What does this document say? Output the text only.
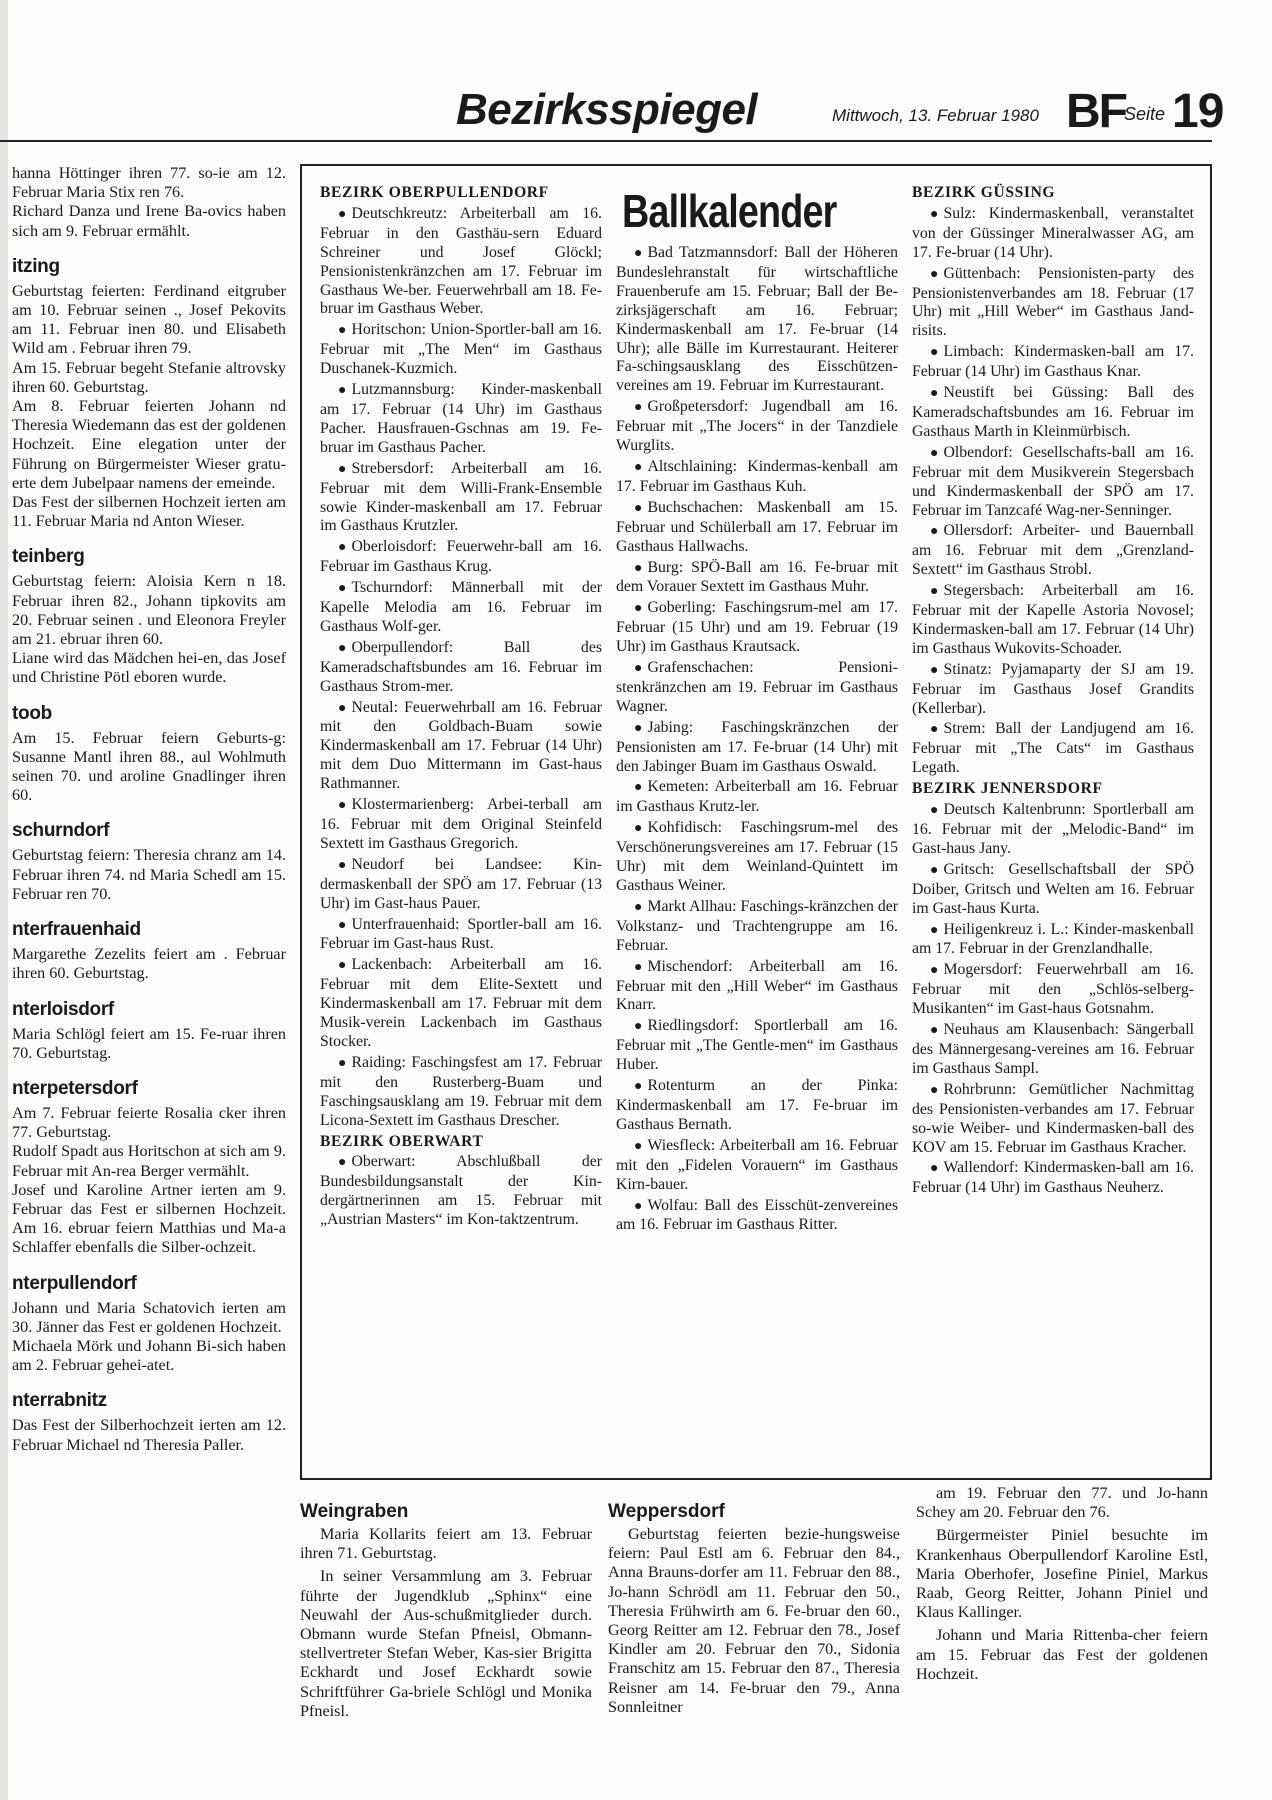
Bezirksspiegel	Mittwoch, 13. Februar 1980 BF
Seite 19

hanna Höttinger ihren 77. so-ie am 12. Februar Maria Stix ren 76.

Richard Danza und Irene Ba-ovics haben sich am 9. Februar ermählt.

itzing

Geburtstag feierten: Ferdinand eitgruber am 10. Februar seinen ., Josef Pekovits am 11. Februar inen 80. und Elisabeth Wild am . Februar ihren 79.

Am 15. Februar begeht Stefanie altrovsky ihren 60. Geburtstag.

Am 8. Februar feierten Johann nd Theresia Wiedemann das est der goldenen Hochzeit. Eine elegation unter der Führung on Bürgermeister Wieser gratu-erte dem Jubelpaar namens der emeinde.

Das Fest der silbernen Hochzeit ierten am 11. Februar Maria nd Anton Wieser.

teinberg

Geburtstag feiern: Aloisia Kern n 18. Februar ihren 82., Johann tipkovits am 20. Februar seinen . und Eleonora Freyler am 21. ebruar ihren 60.

Liane wird das Mädchen hei-en, das Josef und Christine Pötl eboren wurde.

toob

Am 15. Februar feiern Geburts-g: Susanne Mantl ihren 88., aul Wohlmuth seinen 70. und aroline Gnadlinger ihren 60.

schurndorf

Geburtstag feiern: Theresia chranz am 14. Februar ihren 74. nd Maria Schedl am 15. Februar ren 70.

nterfrauenhaid

Margarethe Zezelits feiert am . Februar ihren 60. Geburtstag.

nterloisdorf

Maria Schlögl feiert am 15. Fe-ruar ihren 70. Geburtstag.

nterpetersdorf

Am 7. Februar feierte Rosalia cker ihren 77. Geburtstag.

Rudolf Spadt aus Horitschon at sich am 9. Februar mit An-rea Berger vermählt.

Josef und Karoline Artner ierten am 9. Februar das Fest er silbernen Hochzeit. Am 16. ebruar feiern Matthias und Ma-a Schlaffer ebenfalls die Silber-ochzeit.

nterpullendorf

Johann und Maria Schatovich ierten am 30. Jänner das Fest er goldenen Hochzeit.

Michaela Mörk und Johann Bi-sich haben am 2. Februar gehei-atet.

nterrabnitz

Das Fest der Silberhochzeit ierten am 12. Februar Michael nd Theresia Paller.

BEZIRK OBERPULLENDORF

● Deutschkreutz: Arbeiterball am 16. Februar in den Gasthäu-sern Eduard Schreiner und Josef Glöckl; Pensionistenkränzchen am 17. Februar im Gasthaus We-ber. Feuerwehrball am 18. Fe-bruar im Gasthaus Weber.

● Horitschon: Union-Sportler-ball am 16. Februar mit „The Men“ im Gasthaus Duschanek-Kuzmich.

● Lutzmannsburg: Kinder-maskenball am 17. Februar (14 Uhr) im Gasthaus Pacher. Hausfrauen-Gschnas am 19. Fe-bruar im Gasthaus Pacher.

● Strebersdorf: Arbeiterball am 16. Februar mit dem Willi-Frank-Ensemble sowie Kinder-maskenball am 17. Februar im Gasthaus Krutzler.

● Oberloisdorf: Feuerwehr-ball am 16. Februar im Gasthaus Krug.

● Tschurndorf: Männerball mit der Kapelle Melodia am 16. Februar im Gasthaus Wolf-ger.

● Oberpullendorf: Ball des Kameradschaftsbundes am 16. Februar im Gasthaus Strom-mer.

● Neutal: Feuerwehrball am 16. Februar mit den Goldbach-Buam sowie Kindermaskenball am 17. Februar (14 Uhr) mit dem Duo Mittermann im Gast-haus Rathmanner.

● Klostermarienberg: Arbei-terball am 16. Februar mit dem Original Steinfeld Sextett im Gasthaus Gregorich.

● Neudorf bei Landsee: Kin-dermaskenball der SPÖ am 17. Februar (13 Uhr) im Gast-haus Pauer.

● Unterfrauenhaid: Sportler-ball am 16. Februar im Gast-haus Rust.

● Lackenbach: Arbeiterball am 16. Februar mit dem Elite-Sextett und Kindermaskenball am 17. Februar mit dem Musik-verein Lackenbach im Gasthaus Stocker.

● Raiding: Faschingsfest am 17. Februar mit den Rusterberg-Buam und Faschingsausklang am 19. Februar mit dem Licona-Sextett im Gasthaus Drescher.

BEZIRK OBERWART

● Oberwart: Abschlußball der Bundesbildungsanstalt der Kin-dergärtnerinnen am 15. Februar mit „Austrian Masters“ im Kon-taktzentrum.

Ballkalender

● Bad Tatzmannsdorf: Ball der Höheren Bundeslehranstalt für wirtschaftliche Frauenberufe am 15. Februar; Ball der Be-zirksjägerschaft am 16. Februar; Kindermaskenball am 17. Fe-bruar (14 Uhr); alle Bälle im Kurrestaurant. Heiterer Fa-schingsausklang des Eisschützen-vereines am 19. Februar im Kurrestaurant.

● Großpetersdorf: Jugendball am 16. Februar mit „The Jocers“ in der Tanzdiele Wurglits.

● Altschlaining: Kindermas-kenball am 17. Februar im Gasthaus Kuh.

● Buchschachen: Maskenball am 15. Februar und Schülerball am 17. Februar im Gasthaus Hallwachs.

● Burg: SPÖ-Ball am 16. Fe-bruar mit dem Vorauer Sextett im Gasthaus Muhr.

● Goberling: Faschingsrum-mel am 17. Februar (15 Uhr) und am 19. Februar (19 Uhr) im Gasthaus Krautsack.

● Grafenschachen: Pensioni-stenkränzchen am 19. Februar im Gasthaus Wagner.

● Jabing: Faschingskränzchen der Pensionisten am 17. Fe-bruar (14 Uhr) mit den Jabinger Buam im Gasthaus Oswald.

● Kemeten: Arbeiterball am 16. Februar im Gasthaus Krutz-ler.

● Kohfidisch: Faschingsrum-mel des Verschönerungsvereines am 17. Februar (15 Uhr) mit dem Weinland-Quintett im Gasthaus Weiner.

● Markt Allhau: Faschings-kränzchen der Volkstanz- und Trachtengruppe am 16. Februar.

● Mischendorf: Arbeiterball am 16. Februar mit den „Hill Weber“ im Gasthaus Knarr.

● Riedlingsdorf: Sportlerball am 16. Februar mit „The Gentle-men“ im Gasthaus Huber.

● Rotenturm an der Pinka: Kindermaskenball am 17. Fe-bruar im Gasthaus Bernath.

● Wiesfleck: Arbeiterball am 16. Februar mit den „Fidelen Vorauern“ im Gasthaus Kirn-bauer.

● Wolfau: Ball des Eisschüt-zenvereines am 16. Februar im Gasthaus Ritter.

BEZIRK GÜSSING

● Sulz: Kindermaskenball, veranstaltet von der Güssinger Mineralwasser AG, am 17. Fe-bruar (14 Uhr).

● Güttenbach: Pensionisten-party des Pensionistenverbandes am 18. Februar (17 Uhr) mit „Hill Weber“ im Gasthaus Jand-risits.

● Limbach: Kindermasken-ball am 17. Februar (14 Uhr) im Gasthaus Knar.

● Neustift bei Güssing: Ball des Kameradschaftsbundes am 16. Februar im Gasthaus Marth in Kleinmürbisch.

● Olbendorf: Gesellschafts-ball am 16. Februar mit dem Musikverein Stegersbach und Kindermaskenball der SPÖ am 17. Februar im Tanzcafé Wag-ner-Senninger.

● Ollersdorf: Arbeiter- und Bauernball am 16. Februar mit dem „Grenzland-Sextett“ im Gasthaus Strobl.

● Stegersbach: Arbeiterball am 16. Februar mit der Kapelle Astoria Novosel; Kindermasken-ball am 17. Februar (14 Uhr) im Gasthaus Wukovits-Schoader.

● Stinatz: Pyjamaparty der SJ am 19. Februar im Gasthaus Josef Grandits (Kellerbar).

● Strem: Ball der Landjugend am 16. Februar mit „The Cats“ im Gasthaus Legath.

BEZIRK JENNERSDORF

● Deutsch Kaltenbrunn: Sportlerball am 16. Februar mit der „Melodic-Band“ im Gast-haus Jany.

● Gritsch: Gesellschaftsball der SPÖ Doiber, Gritsch und Welten am 16. Februar im Gast-haus Kurta.

● Heiligenkreuz i. L.: Kinder-maskenball am 17. Februar in der Grenzlandhalle.

● Mogersdorf: Feuerwehrball am 16. Februar mit den „Schlös-selberg-Musikanten“ im Gast-haus Gotsnahm.

● Neuhaus am Klausenbach: Sängerball des Männergesang-vereines am 16. Februar im Gasthaus Sampl.

● Rohrbrunn: Gemütlicher Nachmittag des Pensionisten-verbandes am 17. Februar so-wie Weiber- und Kindermasken-ball des KOV am 15. Februar im Gasthaus Kracher.

● Wallendorf: Kindermasken-ball am 16. Februar (14 Uhr) im Gasthaus Neuherz.

Weingraben

Maria Kollarits feiert am 13. Februar ihren 71. Geburtstag.

In seiner Versammlung am 3. Februar führte der Jugendklub „Sphinx“ eine Neuwahl der Aus-schußmitglieder durch. Obmann wurde Stefan Pfneisl, Obmann-stellvertreter Stefan Weber, Kas-sier Brigitta Eckhardt und Josef Eckhardt sowie Schriftführer Ga-briele Schlögl und Monika Pfneisl.

Weppersdorf

Geburtstag feierten bezie-hungsweise feiern: Paul Estl am 6. Februar den 84., Anna Brauns-dorfer am 11. Februar den 88., Jo-hann Schrödl am 11. Februar den 50., Theresia Frühwirth am 6. Fe-bruar den 60., Georg Reitter am 12. Februar den 78., Josef Kindler am 20. Februar den 70., Sidonia Franschitz am 15. Februar den 87., Theresia Reisner am 14. Fe-bruar den 79., Anna Sonnleitner

am 19. Februar den 77. und Jo-hann Schey am 20. Februar den 76.

Bürgermeister Piniel besuchte im Krankenhaus Oberpullendorf Karoline Estl, Maria Oberhofer, Josefine Piniel, Markus Raab, Georg Reitter, Johann Piniel und Klaus Kallinger.

Johann und Maria Rittenba-cher feiern am 15. Februar das Fest der goldenen Hochzeit.
